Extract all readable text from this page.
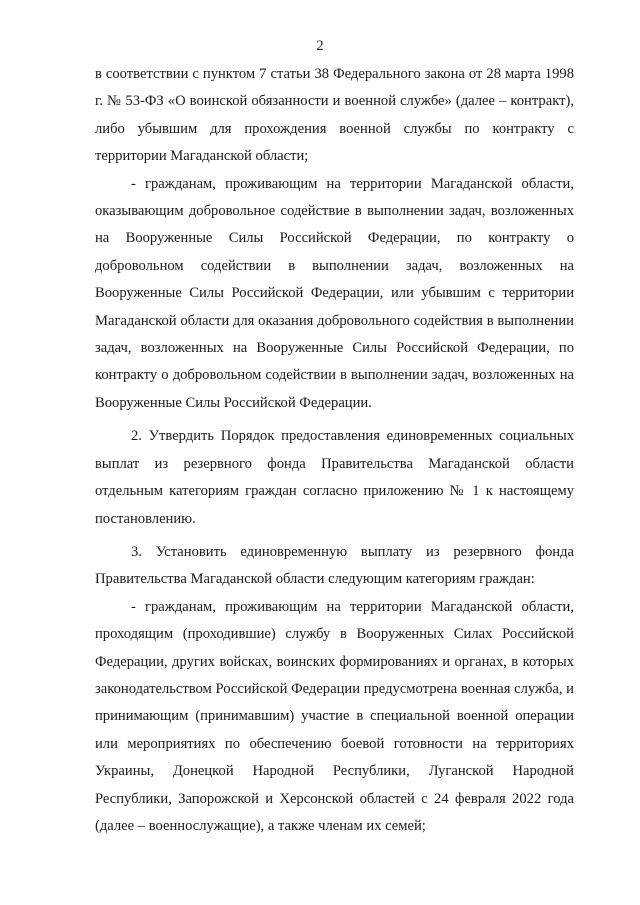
2

в соответствии с пунктом 7 статьи 38 Федерального закона от 28 марта 1998 г. № 53-ФЗ «О воинской обязанности и военной службе» (далее – контракт), либо убывшим для прохождения военной службы по контракту с территории Магаданской области;

- гражданам, проживающим на территории Магаданской области, оказывающим добровольное содействие в выполнении задач, возложенных на Вооруженные Силы Российской Федерации, по контракту о добровольном содействии в выполнении задач, возложенных на Вооруженные Силы Российской Федерации, или убывшим с территории Магаданской области для оказания добровольного содействия в выполнении задач, возложенных на Вооруженные Силы Российской Федерации, по контракту о добровольном содействии в выполнении задач, возложенных на Вооруженные Силы Российской Федерации.

2. Утвердить Порядок предоставления единовременных социальных выплат из резервного фонда Правительства Магаданской области отдельным категориям граждан согласно приложению № 1 к настоящему постановлению.

3. Установить единовременную выплату из резервного фонда Правительства Магаданской области следующим категориям граждан:

- гражданам, проживающим на территории Магаданской области, проходящим (проходившие) службу в Вооруженных Силах Российской Федерации, других войсках, воинских формированиях и органах, в которых законодательством Российской Федерации предусмотрена военная служба, и принимающим (принимавшим) участие в специальной военной операции или мероприятиях по обеспечению боевой готовности на территориях Украины, Донецкой Народной Республики, Луганской Народной Республики, Запорожской и Херсонской областей с 24 февраля 2022 года (далее – военнослужащие), а также членам их семей;
